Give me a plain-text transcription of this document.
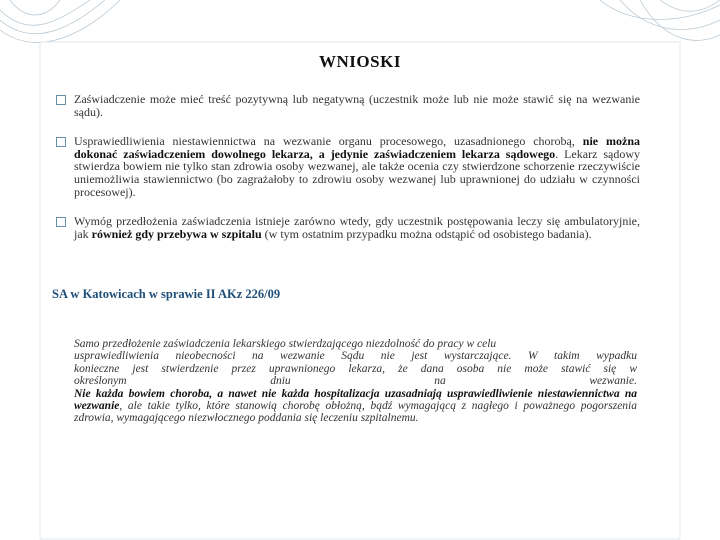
WNIOSKI
Zaświadczenie może mieć treść pozytywną lub negatywną (uczestnik może lub nie może stawić się na wezwanie sądu).
Usprawiedliwienia niestawiennictwa na wezwanie organu procesowego, uzasadnionego chorobą, nie można dokonać zaświadczeniem dowolnego lekarza, a jedynie zaświadczeniem lekarza sądowego. Lekarz sądowy stwierdza bowiem nie tylko stan zdrowia osoby wezwanej, ale także ocenia czy stwierdzone schorzenie rzeczywiście uniemożliwia stawiennictwo (bo zagrażałoby to zdrowiu osoby wezwanej lub uprawnionej do udziału w czynności procesowej).
Wymóg przedłożenia zaświadczenia istnieje zarówno wtedy, gdy uczestnik postępowania leczy się ambulatoryjnie, jak również gdy przebywa w szpitalu (w tym ostatnim przypadku można odstąpić od osobistego badania).

SA w Katowicach w sprawie II AKz 226/09

Samo przedłożenie zaświadczenia lekarskiego stwierdzającego niezdolność do pracy w celu
usprawiedliwienia nieobecności na wezwanie Sądu nie jest wystarczające. W takim wypadku
konieczne jest stwierdzenie przez uprawnionego lekarza, że dana osoba nie może stawić się w
określonym dniu na wezwanie.
Nie każda bowiem choroba, a nawet nie każda hospitalizacja uzasadniają usprawiedliwienie niestawiennictwa na wezwanie, ale takie tylko, które stanowią chorobę obłożną, bądź wymagającą z nagłego i poważnego pogorszenia zdrowia, wymagającego niezwłocznego poddania się leczeniu szpitalnemu.
